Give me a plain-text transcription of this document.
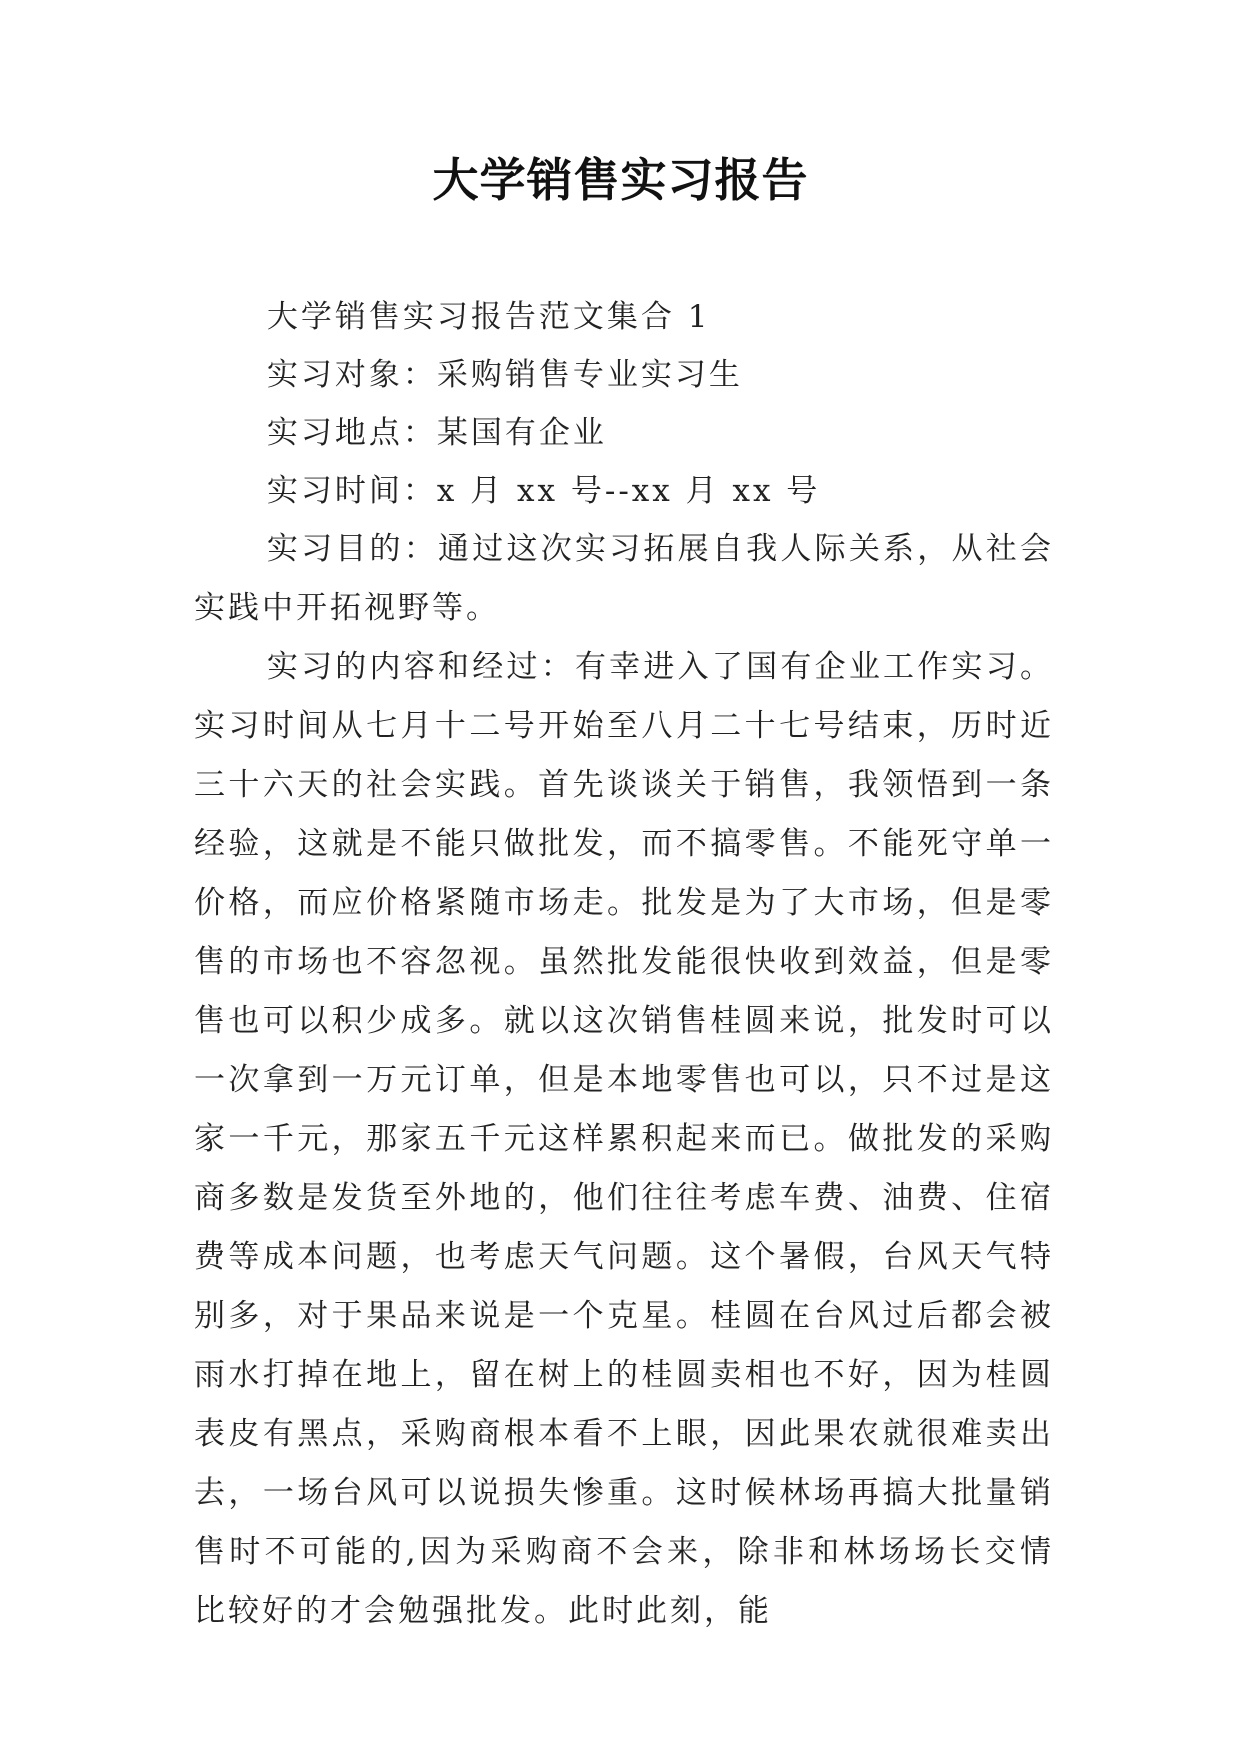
大学销售实习报告

大学销售实习报告范文集合 1

实习对象：采购销售专业实习生

实习地点：某国有企业

实习时间：x 月 xx 号--xx 月 xx 号

实习目的：通过这次实习拓展自我人际关系，从社会实践中开拓视野等。

实习的内容和经过：有幸进入了国有企业工作实习。实习时间从七月十二号开始至八月二十七号结束，历时近三十六天的社会实践。首先谈谈关于销售，我领悟到一条经验，这就是不能只做批发，而不搞零售。不能死守单一价格，而应价格紧随市场走。批发是为了大市场，但是零售的市场也不容忽视。虽然批发能很快收到效益，但是零售也可以积少成多。就以这次销售桂圆来说，批发时可以一次拿到一万元订单，但是本地零售也可以，只不过是这家一千元，那家五千元这样累积起来而已。做批发的采购商多数是发货至外地的，他们往往考虑车费、油费、住宿费等成本问题，也考虑天气问题。这个暑假，台风天气特别多，对于果品来说是一个克星。桂圆在台风过后都会被雨水打掉在地上，留在树上的桂圆卖相也不好，因为桂圆表皮有黑点，采购商根本看不上眼，因此果农就很难卖出去，一场台风可以说损失惨重。这时候林场再搞大批量销售时不可能的,因为采购商不会来，除非和林场场长交情比较好的才会勉强批发。此时此刻，能
